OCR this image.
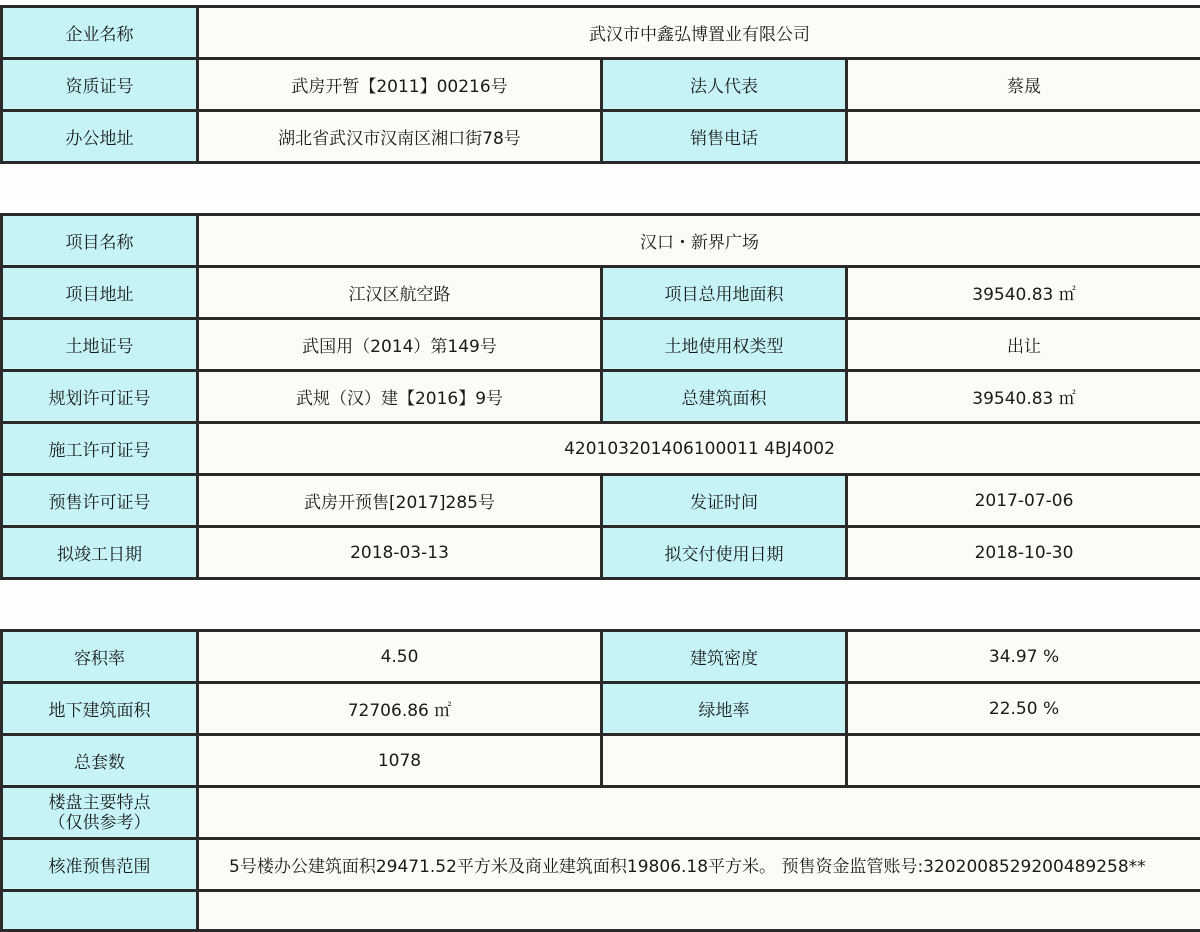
企业名称	武汉市中鑫弘博置业有限公司		
资质证号	武房开暂【2011】00216号	法人代表	蔡晟
办公地址	湖北省武汉市汉南区湘口街78号	销售电话	
项目名称	汉口・新界广场		
项目地址	江汉区航空路	项目总用地面积	39540.83 ㎡
土地证号	武国用（2014）第149号	土地使用权类型	出让
规划许可证号	武规（汉）建【2016】9号	总建筑面积	39540.83 ㎡
施工许可证号	420103201406100011 4BJ4002		
预售许可证号	武房开预售[2017]285号	发证时间	2017-07-06
拟竣工日期	2018-03-13	拟交付使用日期	2018-10-30
容积率	4.50	建筑密度	34.97 %
地下建筑面积	72706.86 ㎡	绿地率	22.50 %
总套数	1078		
楼盘主要特点
（仅供参考）			
核准预售范围	5号楼办公建筑面积29471.52平方米及商业建筑面积19806.18平方米。 预售资金监管账号:3202008529200489258**		
